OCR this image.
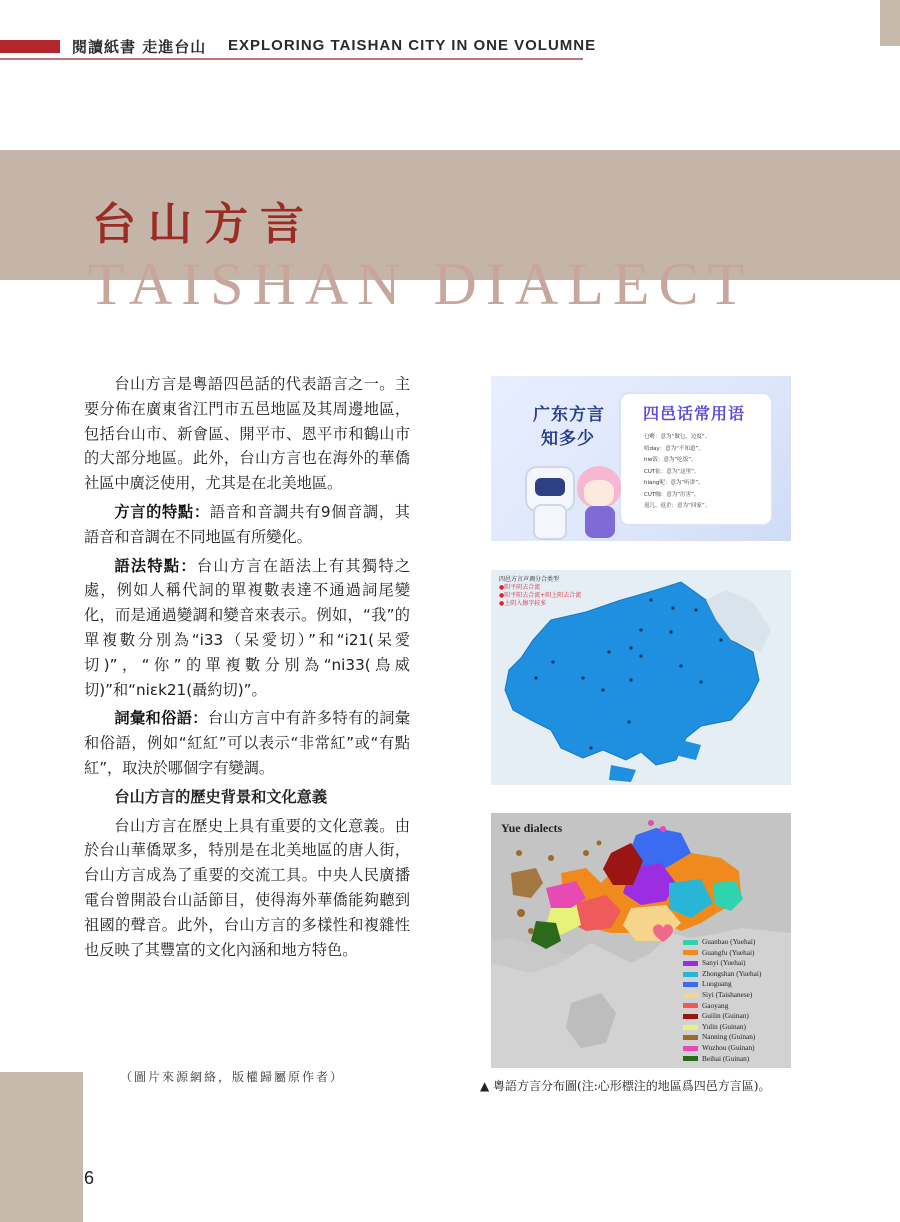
閱讀紙書 走進台山 EXPLORING TAISHAN CITY IN ONE VOLUMNE
台山方言
TAISHAN DIALECT

台山方言是粵語四邑話的代表語言之一。主要分佈在廣東省江門市五邑地區及其周邊地區，包括台山市、新會區、開平市、恩平市和鶴山市的大部分地區。此外，台山方言也在海外的華僑社區中廣泛使用，尤其是在北美地區。

方言的特點：語音和音調共有9個音調，其語音和音調在不同地區有所變化。

語法特點：台山方言在語法上有其獨特之處，例如人稱代詞的單複數表達不通過詞尾變化，而是通過變調和變音來表示。例如，“我”的單複數分別為“i33（呆愛切）”和“i21(呆愛切)”，“你”的單複數分別為“ni33(鳥威切)”和“niεk21(聶約切)”。

詞彙和俗語：台山方言中有許多特有的詞彙和俗語，例如“紅紅”可以表示“非常紅”或“有點紅”，取決於哪個字有變調。

台山方言的歷史背景和文化意義

台山方言在歷史上具有重要的文化意義。由於台山華僑眾多，特別是在北美地區的唐人街，台山方言成為了重要的交流工具。中央人民廣播電台曾開設台山話節目，使得海外華僑能夠聽到祖國的聲音。此外，台山方言的多樣性和複雜性也反映了其豐富的文化內涵和地方特色。

广东方言
知多少
四邑话常用语
乜嘢：意为“做乜、边度”。
唔day：意为“不知道”。
hie饭：意为“吃饭”。
CUT扯：意为“这里”。
hiang呢：意为“听讲”。
CUT咖：意为“厉害”。
返几、返企：意为“回家”。
四邑方言声调分合类型
●阳平阴去合流
●阳平阳去合流+阳上阳去合流
●上阴入擦字较多
Yue dialects
Guanbao (Yuehai)
Guangfu (Yuehai)
Sanyi (Yuehai)
Zhongshan (Yuehai)
Luoguang
Siyi (Taishanese)
Gaoyang
Guilin (Guinan)
Yulin (Guinan)
Nanning (Guinan)
Wuzhou (Guinan)
Beihai (Guinan)
（圖片來源網絡，版權歸屬原作者）
▲ 粵語方言分布圖(注:心形標注的地區爲四邑方言區)。
6
